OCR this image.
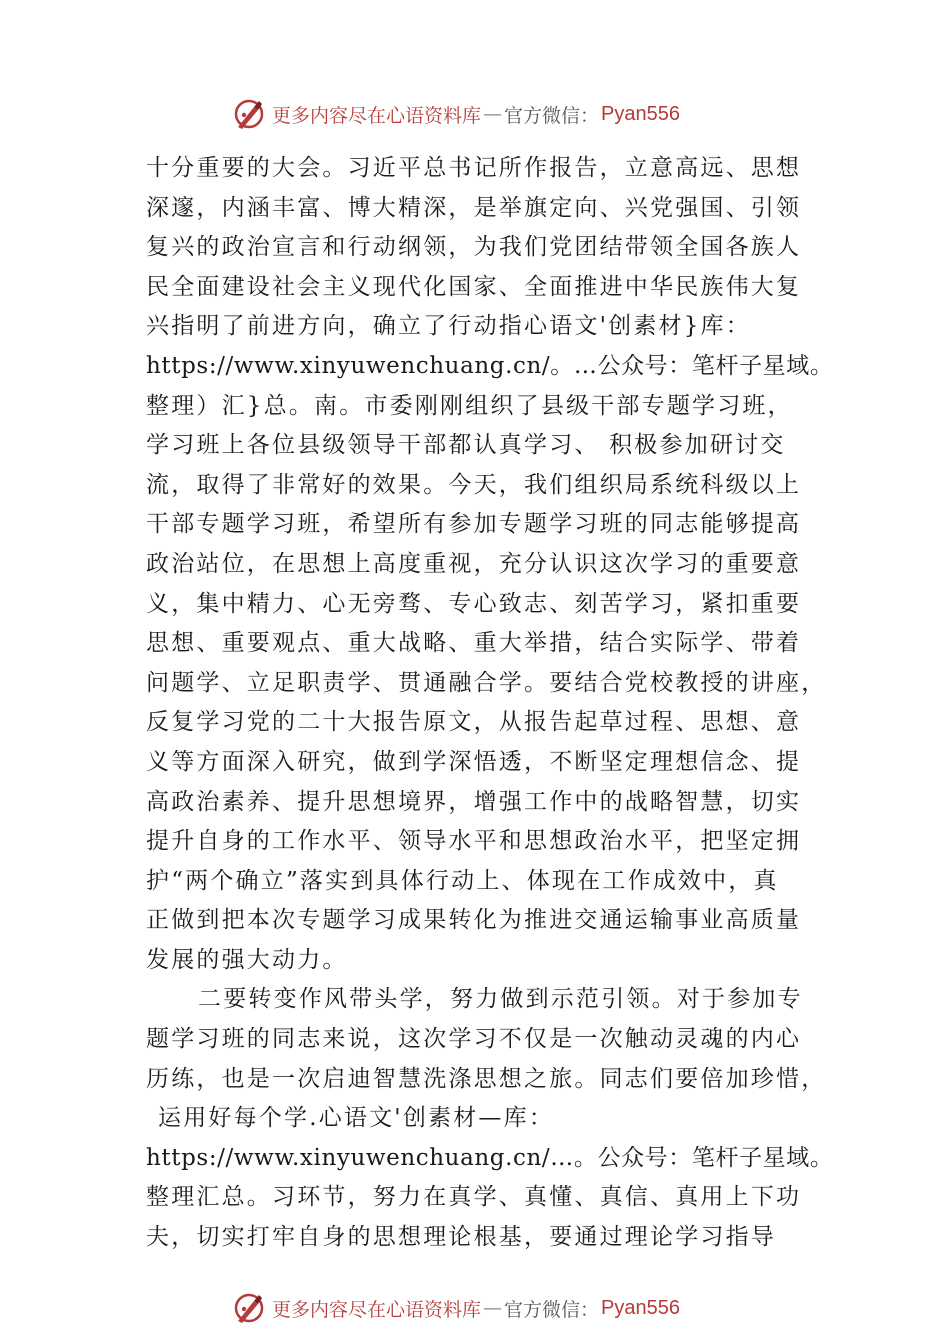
更多内容尽在心语资料库 — 官方微信： Pyan556
十分重要的大会。习近平总书记所作报告，立意高远、思想
深邃，内涵丰富、博大精深，是举旗定向、兴党强国、引领
复兴的政治宣言和行动纲领，为我们党团结带领全国各族人
民全面建设社会主义现代化国家、全面推进中华民族伟大复
兴指明了前进方向，确立了行动指心语文'创素材}库：
https://www.xinyuwenchuang.cn/。…公众号：笔杆子星域。
整理）汇}总。南。市委刚刚组织了县级干部专题学习班，
学习班上各位县级领导干部都认真学习、 积极参加研讨交
流，取得了非常好的效果。今天，我们组织局系统科级以上
干部专题学习班，希望所有参加专题学习班的同志能够提高
政治站位，在思想上高度重视，充分认识这次学习的重要意
义，集中精力、心无旁骛、专心致志、刻苦学习，紧扣重要
思想、重要观点、重大战略、重大举措，结合实际学、带着
问题学、立足职责学、贯通融合学。要结合党校教授的讲座，
反复学习党的二十大报告原文，从报告起草过程、思想、意
义等方面深入研究，做到学深悟透，不断坚定理想信念、提
高政治素养、提升思想境界，增强工作中的战略智慧，切实
提升自身的工作水平、领导水平和思想政治水平，把坚定拥
护“两个确立”落实到具体行动上、体现在工作成效中，真
正做到把本次专题学习成果转化为推进交通运输事业高质量
发展的强大动力。
二要转变作风带头学，努力做到示范引领。对于参加专
题学习班的同志来说，这次学习不仅是一次触动灵魂的内心
历练，也是一次启迪智慧洗涤思想之旅。同志们要倍加珍惜，
运用好每个学.心语文'创素材—库：
https://www.xinyuwenchuang.cn/…。公众号：笔杆子星域。
整理汇总。习环节，努力在真学、真懂、真信、真用上下功
夫，切实打牢自身的思想理论根基，要通过理论学习指导
更多内容尽在心语资料库 — 官方微信： Pyan556
